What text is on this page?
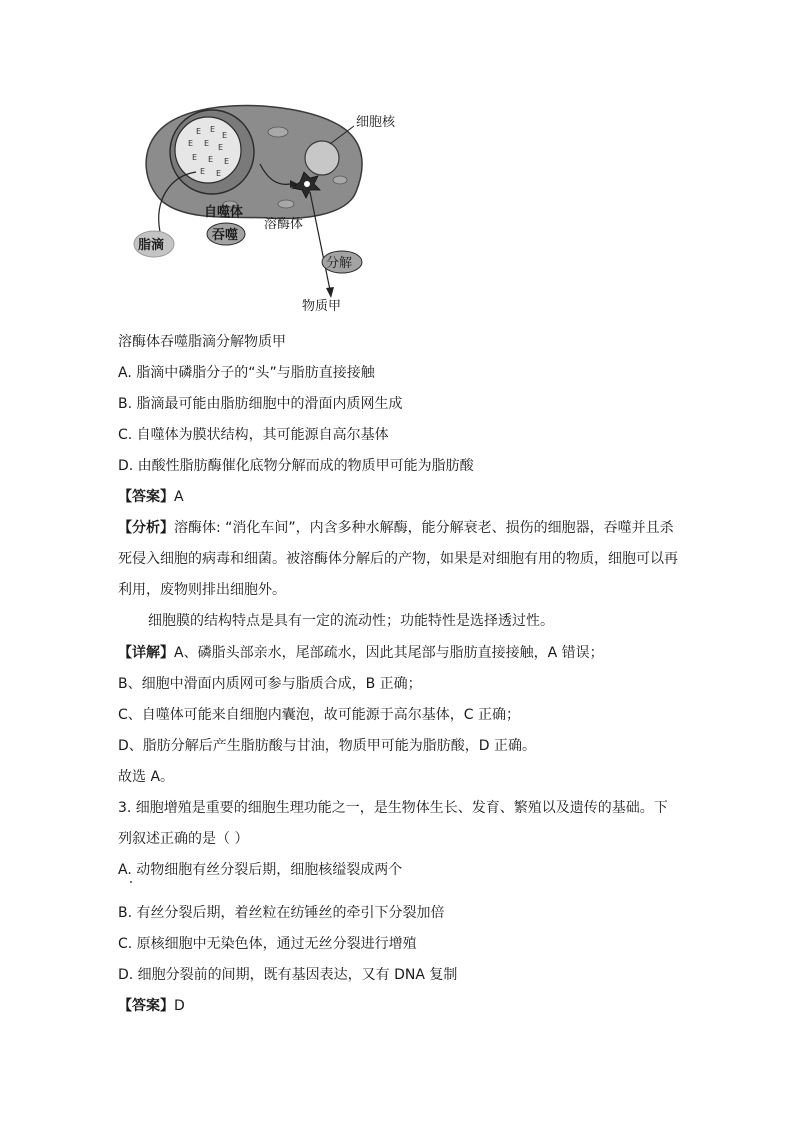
E E
E
E E E
E E E
E E
细胞核
自噬体
溶酶体
吞噬
脂滴
分解
物质甲
溶酶体吞噬脂滴分解物质甲
A. 脂滴中磷脂分子的“头”与脂肪直接接触
B. 脂滴最可能由脂肪细胞中的滑面内质网生成
C. 自噬体为膜状结构，其可能源自高尔基体
D. 由酸性脂肪酶催化底物分解而成的物质甲可能为脂肪酸
【答案】A
【分析】溶酶体: “消化车间”，内含多种水解酶，能分解衰老、损伤的细胞器，吞噬并且杀
死侵入细胞的病毒和细菌。被溶酶体分解后的产物，如果是对细胞有用的物质，细胞可以再
利用，废物则排出细胞外。
细胞膜的结构特点是具有一定的流动性；功能特性是选择透过性。
【详解】A、磷脂头部亲水，尾部疏水，因此其尾部与脂肪直接接触，A 错误；
B、细胞中滑面内质网可参与脂质合成，B 正确；
C、自噬体可能来自细胞内囊泡，故可能源于高尔基体，C 正确；
D、脂肪分解后产生脂肪酸与甘油，物质甲可能为脂肪酸，D 正确。
故选 A。
3. 细胞增殖是重要的细胞生理功能之一，是生物体生长、发育、繁殖以及遗传的基础。下
列叙述正确的是（ ）
A. 动物细胞有丝分裂后期，细胞核缢裂成两个
B. 有丝分裂后期，着丝粒在纺锤丝的牵引下分裂加倍
C. 原核细胞中无染色体，通过无丝分裂进行增殖
D. 细胞分裂前的间期，既有基因表达，又有 DNA 复制
【答案】D
